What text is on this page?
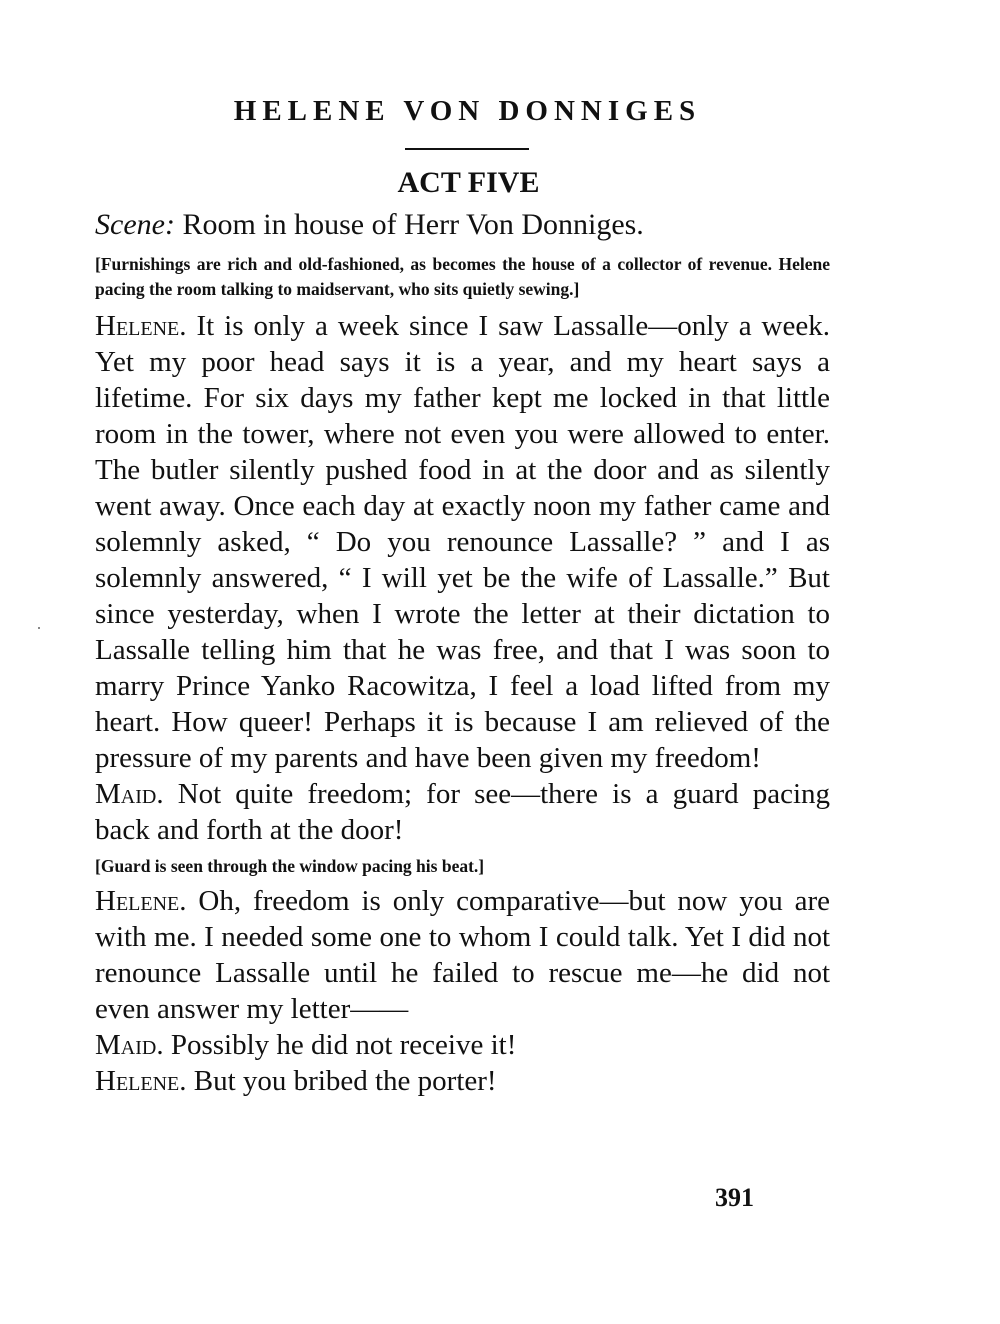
HELENE VON DONNIGES
ACT FIVE

Scene: Room in house of Herr Von Donniges.

[Furnishings are rich and old-fashioned, as becomes the house of a collector of revenue. Helene pacing the room talking to maidservant, who sits quietly sewing.]

Helene. It is only a week since I saw Lassalle—only a week. Yet my poor head says it is a year, and my heart says a lifetime. For six days my father kept me locked in that little room in the tower, where not even you were allowed to enter. The butler silently pushed food in at the door and as silently went away. Once each day at exactly noon my father came and solemnly asked, “ Do you renounce Lassalle? ” and I as solemnly answered, “ I will yet be the wife of Lassalle.” But since yesterday, when I wrote the letter at their dictation to Lassalle telling him that he was free, and that I was soon to marry Prince Yanko Racowitza, I feel a load lifted from my heart. How queer! Perhaps it is because I am relieved of the pressure of my parents and have been given my freedom!

Maid. Not quite freedom; for see—there is a guard pacing back and forth at the door!

[Guard is seen through the window pacing his beat.]

Helene. Oh, freedom is only comparative—but now you are with me. I needed some one to whom I could talk. Yet I did not renounce Lassalle until he failed to rescue me—he did not even answer my letter——

Maid. Possibly he did not receive it!

Helene. But you bribed the porter!

391
